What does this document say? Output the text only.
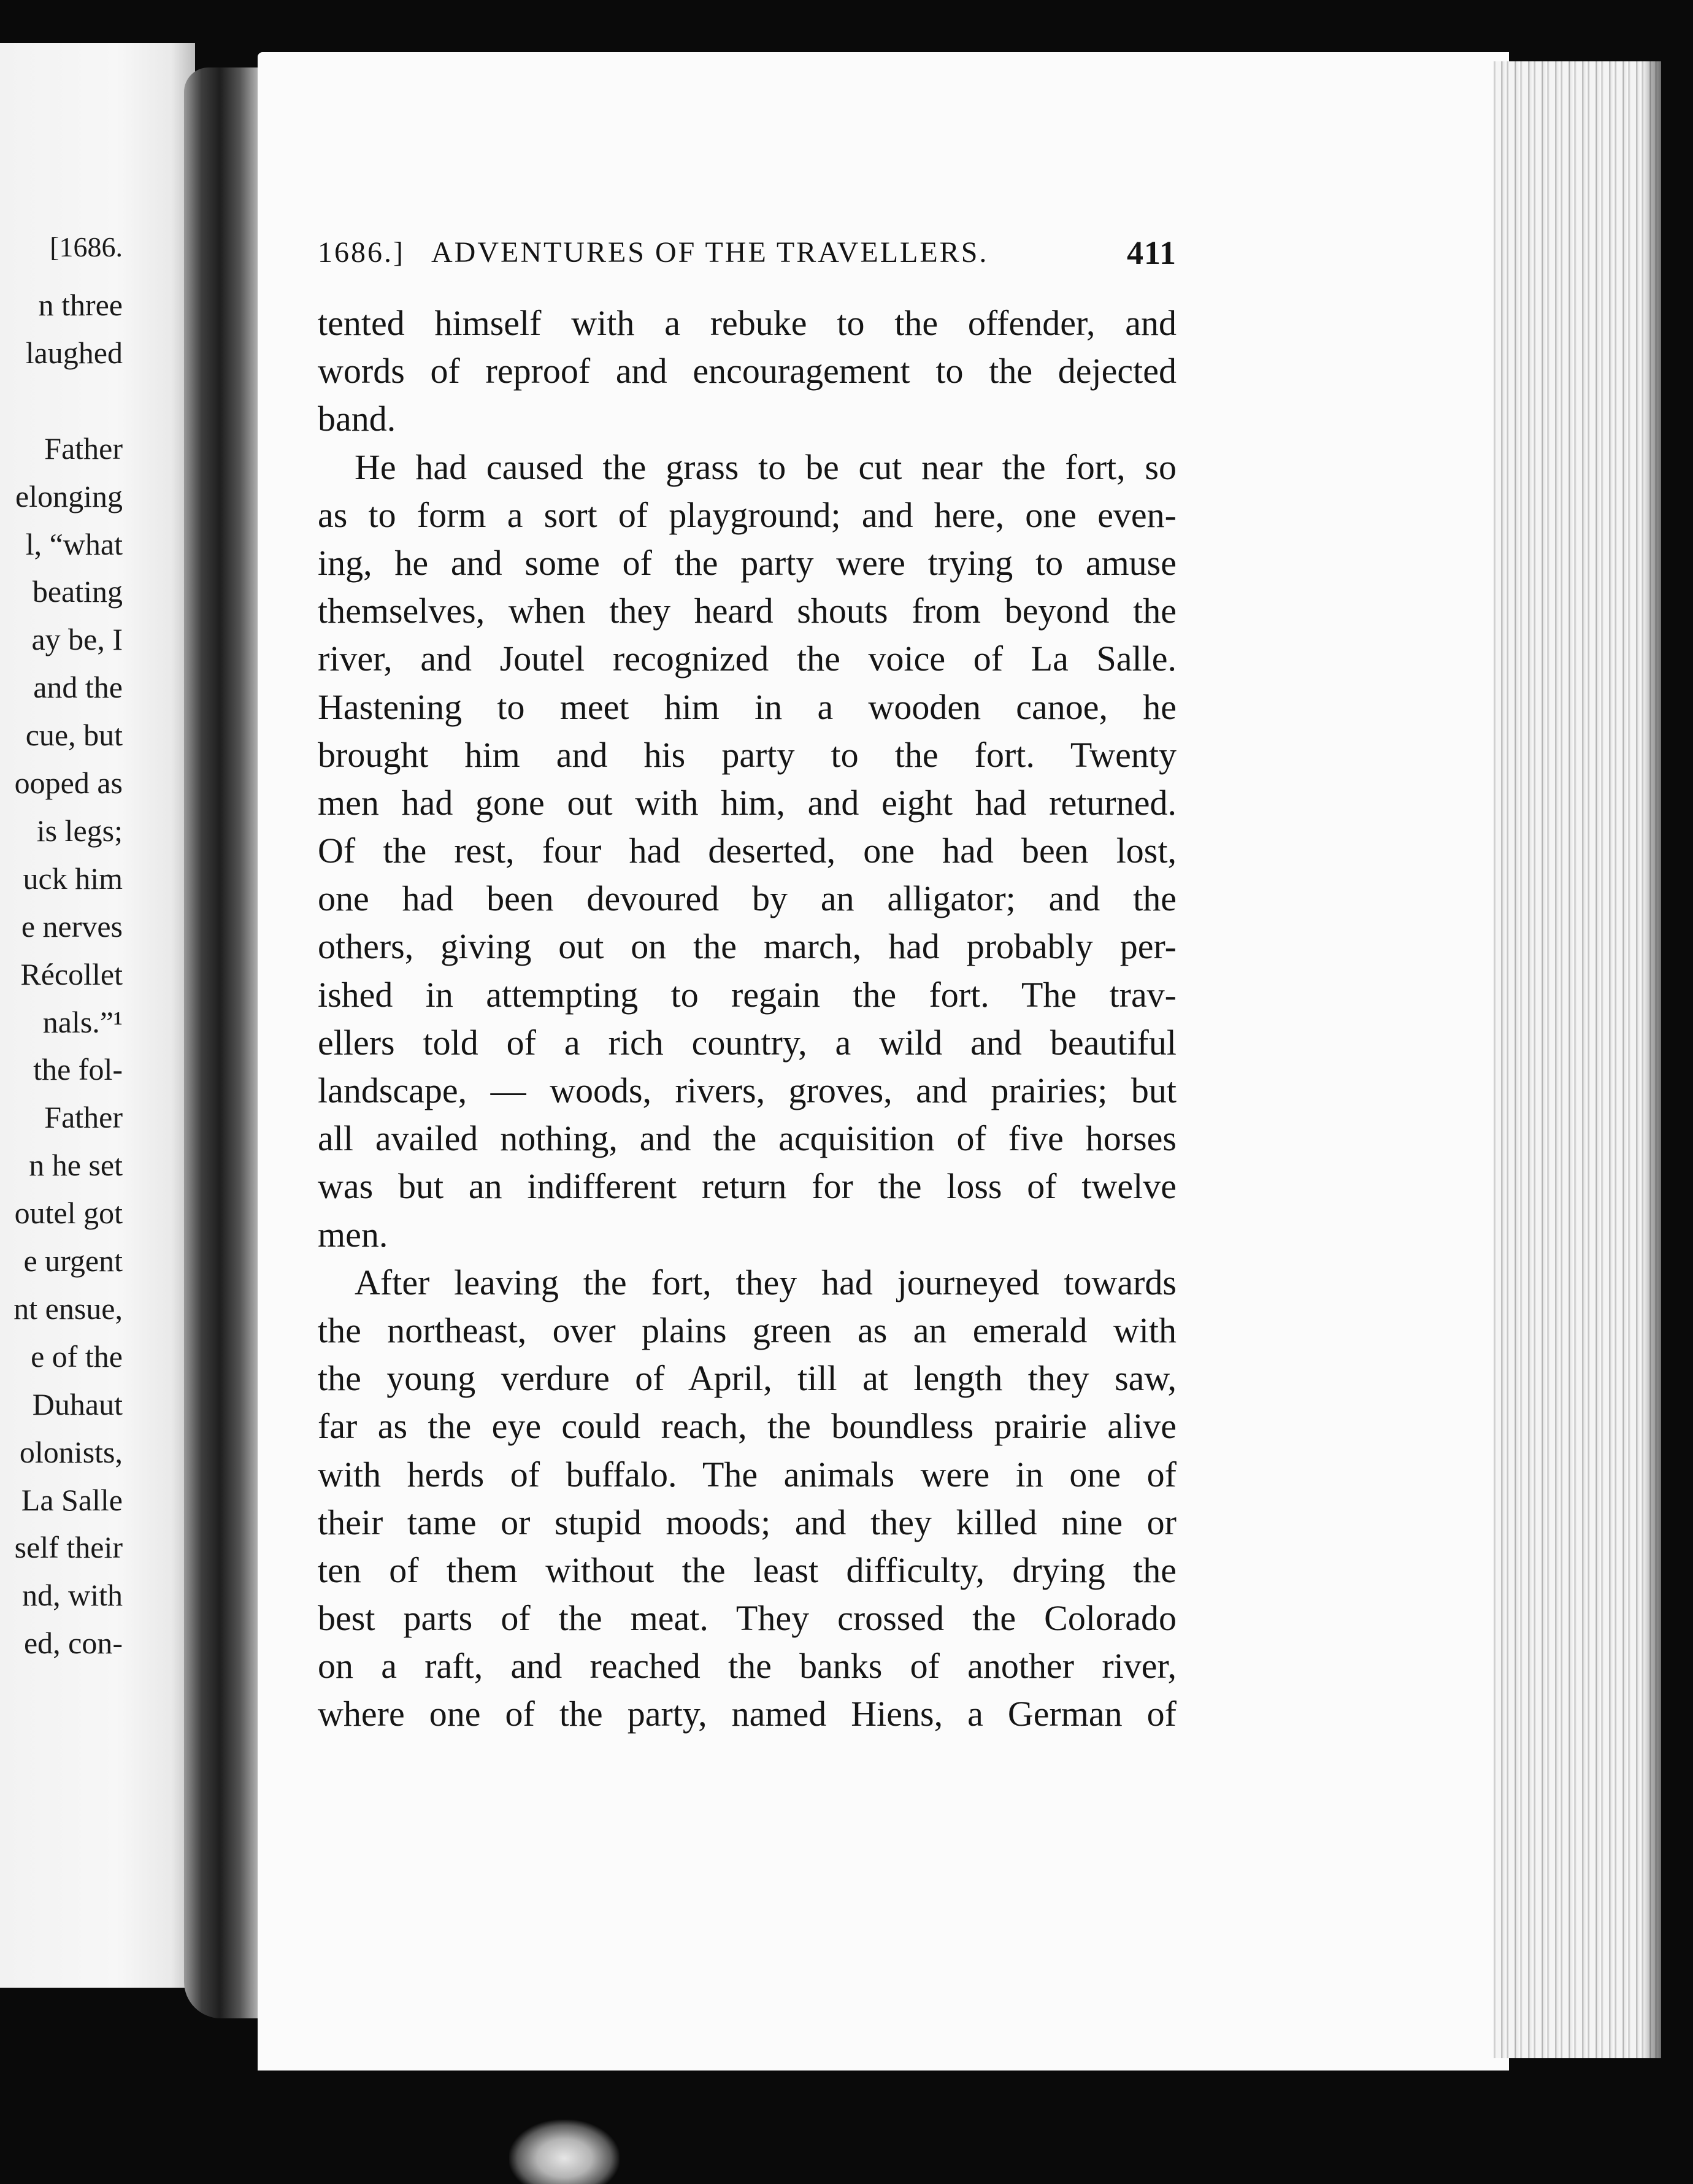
[1686.
n three
laughed
Father
elonging
l, “what
beating
ay be, I
and the
cue, but
ooped as
is legs;
uck him
e nerves
Récollet
nals.”¹
the fol-
Father
n he set
outel got
e urgent
nt ensue,
e of the
Duhaut
olonists,
La Salle
self their
nd, with
ed, con-
1686.] ADVENTURES OF THE TRAVELLERS.	411
tented himself with a rebuke to the offender, and
words of reproof and encouragement to the dejected
band.
He had caused the grass to be cut near the fort, so
as to form a sort of playground; and here, one even-
ing, he and some of the party were trying to amuse
themselves, when they heard shouts from beyond the
river, and Joutel recognized the voice of La Salle.
Hastening to meet him in a wooden canoe, he
brought him and his party to the fort. Twenty
men had gone out with him, and eight had returned.
Of the rest, four had deserted, one had been lost,
one had been devoured by an alligator; and the
others, giving out on the march, had probably per-
ished in attempting to regain the fort. The trav-
ellers told of a rich country, a wild and beautiful
landscape, — woods, rivers, groves, and prairies; but
all availed nothing, and the acquisition of five horses
was but an indifferent return for the loss of twelve
men.
After leaving the fort, they had journeyed towards
the northeast, over plains green as an emerald with
the young verdure of April, till at length they saw,
far as the eye could reach, the boundless prairie alive
with herds of buffalo. The animals were in one of
their tame or stupid moods; and they killed nine or
ten of them without the least difficulty, drying the
best parts of the meat. They crossed the Colorado
on a raft, and reached the banks of another river,
where one of the party, named Hiens, a German of
